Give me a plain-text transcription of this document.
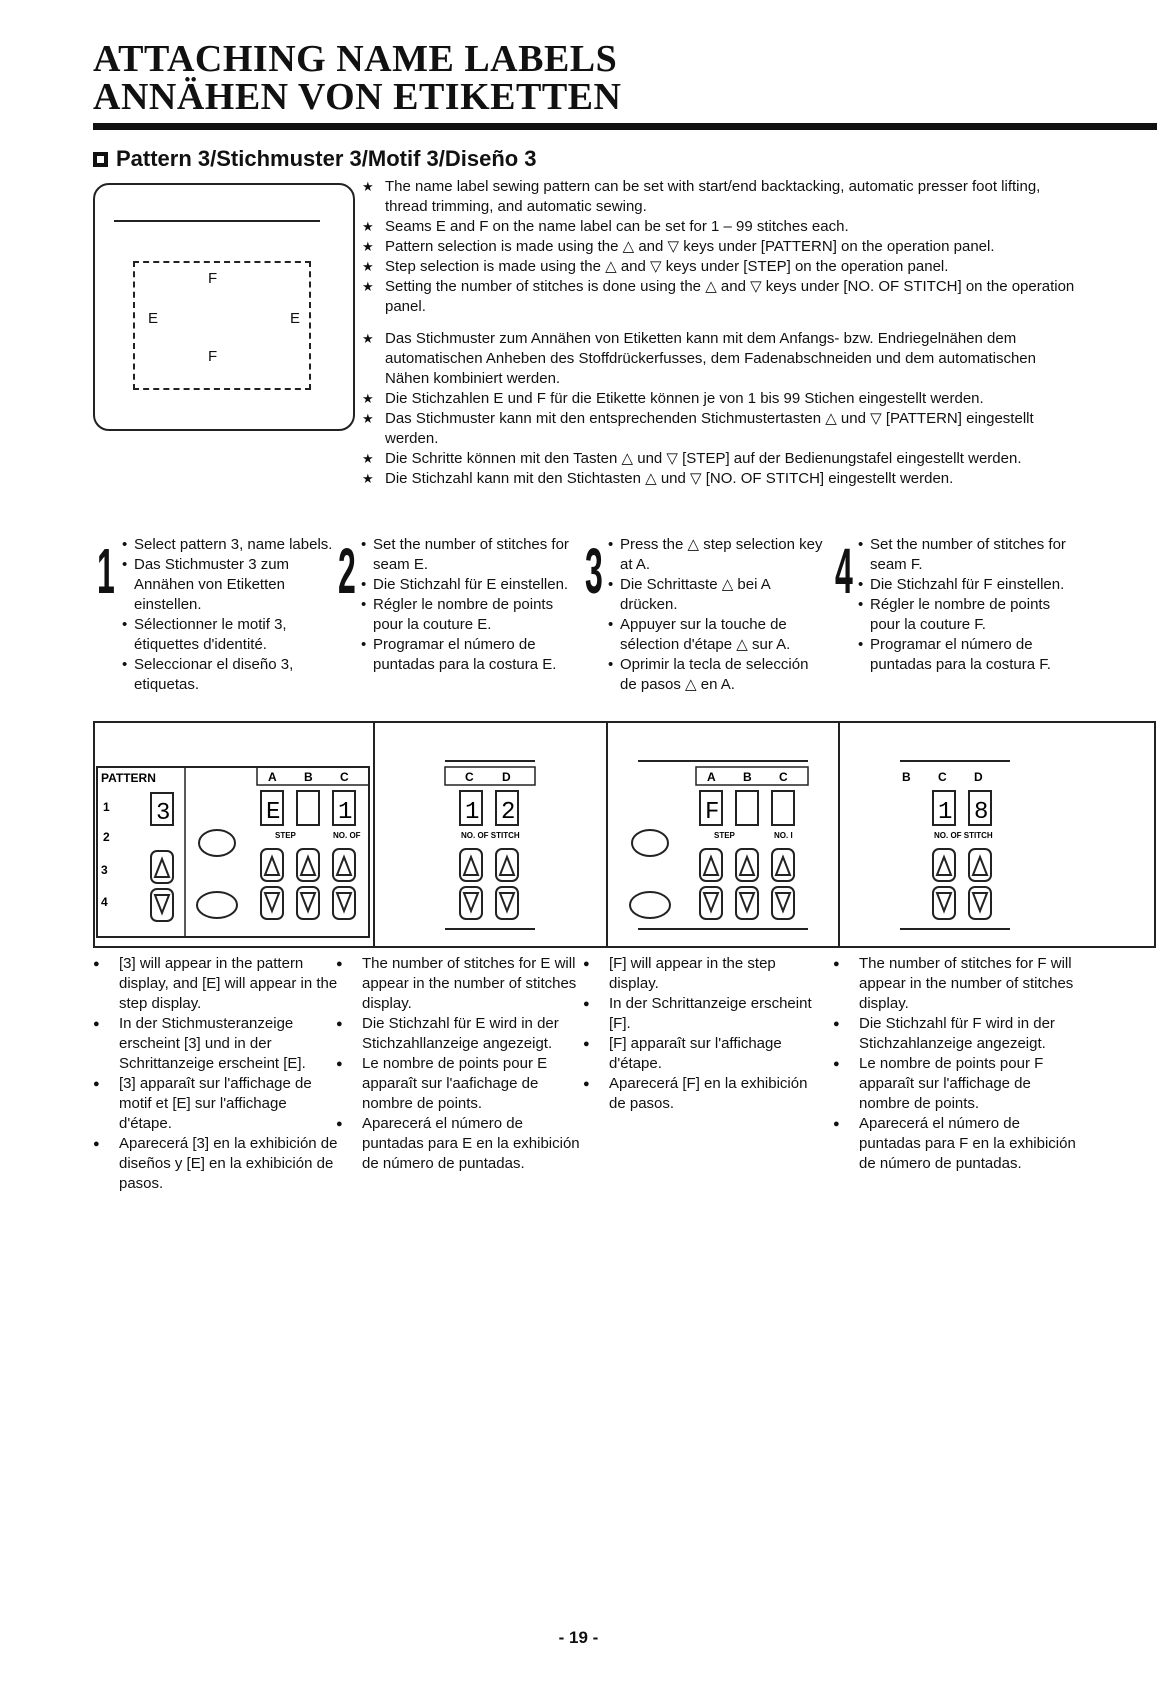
ATTACHING NAME LABELS
ANNÄHEN VON ETIKETTEN
Pattern 3/Stichmuster 3/Motif 3/Diseño 3
F
F
E	E
★ The name label sewing pattern can be set with start/end backtacking, automatic presser foot lifting, thread trimming, and automatic sewing.
★ Seams E and F on the name label can be set for 1 – 99 stitches each.
★ Pattern selection is made using the △ and ▽ keys under [PATTERN] on the operation panel.
★ Step selection is made using the △ and ▽ keys under [STEP] on the operation panel.
★ Setting the number of stitches is done using the △ and ▽ keys under [NO. OF STITCH] on the operation panel.
★ Das Stichmuster zum Annähen von Etiketten kann mit dem Anfangs- bzw. Endriegelnähen dem automatischen Anheben des Stoffdrückerfusses, dem Fadenabschneiden und dem automatischen Nähen kombiniert werden.
★ Die Stichzahlen E und F für die Etikette können je von 1 bis 99 Stichen eingestellt werden.
★ Das Stichmuster kann mit den entsprechenden Stichmustertasten △ und ▽ [PATTERN] eingestellt werden.
★ Die Schritte können mit den Tasten △ und ▽ [STEP] auf der Bedienungstafel eingestellt werden.
★ Die Stichzahl kann mit den Stichtasten △ und ▽ [NO. OF STITCH] eingestellt werden.
1	• Select pattern 3, name labels.
• Das Stichmuster 3 zum Annähen von Etiketten einstellen.
• Sélectionner le motif 3, étiquettes d'identité.
• Seleccionar el diseño 3, etiquetas.
2	• Set the number of stitches for seam E.
• Die Stichzahl für E einstellen.
• Régler le nombre de points pour la couture E.
• Programar el número de puntadas para la costura E.
3	• Press the △ step selection key at A.
• Die Schrittaste △ bei A drücken.
• Appuyer sur la touche de sélection d'étape △ sur A.
• Oprimir la tecla de selección de pasos △ en A.
4	• Set the number of stitches for seam F.
• Die Stichzahl für F einstellen.
• Régler le nombre de points pour la couture F.
• Programar el número de puntadas para la costura F.
PATTERN
1
2
3
4
3
A B C
E 1
STEP	NO. OF
C D
1 2
NO. OF STITCH
A B C
F
STEP	NO. I
B C D
1 8
NO. OF STITCH
● [3] will appear in the pattern display, and [E] will appear in the step display.
● In der Stichmusteranzeige erscheint [3] und in der Schrittanzeige erscheint [E].
● [3] apparaît sur l'affichage de motif et [E] sur l'affichage d'étape.
● Aparecerá [3] en la exhibición de diseños y [E] en la exhibición de pasos.
● The number of stitches for E will appear in the number of stitches display.
● Die Stichzahl für E wird in der Stichzahllanzeige angezeigt.
● Le nombre de points pour E apparaît sur l'aafichage de nombre de points.
● Aparecerá el número de puntadas para E en la exhibición de número de puntadas.
● [F] will appear in the step display.
● In der Schrittanzeige erscheint [F].
● [F] apparaît sur l'affichage d'étape.
● Aparecerá [F] en la exhibición de pasos.
● The number of stitches for F will appear in the number of stitches display.
● Die Stichzahl für F wird in der Stichzahlanzeige angezeigt.
● Le nombre de points pour F apparaît sur l'affichage de nombre de points.
● Aparecerá el número de puntadas para F en la exhibición de número de puntadas.
- 19 -
